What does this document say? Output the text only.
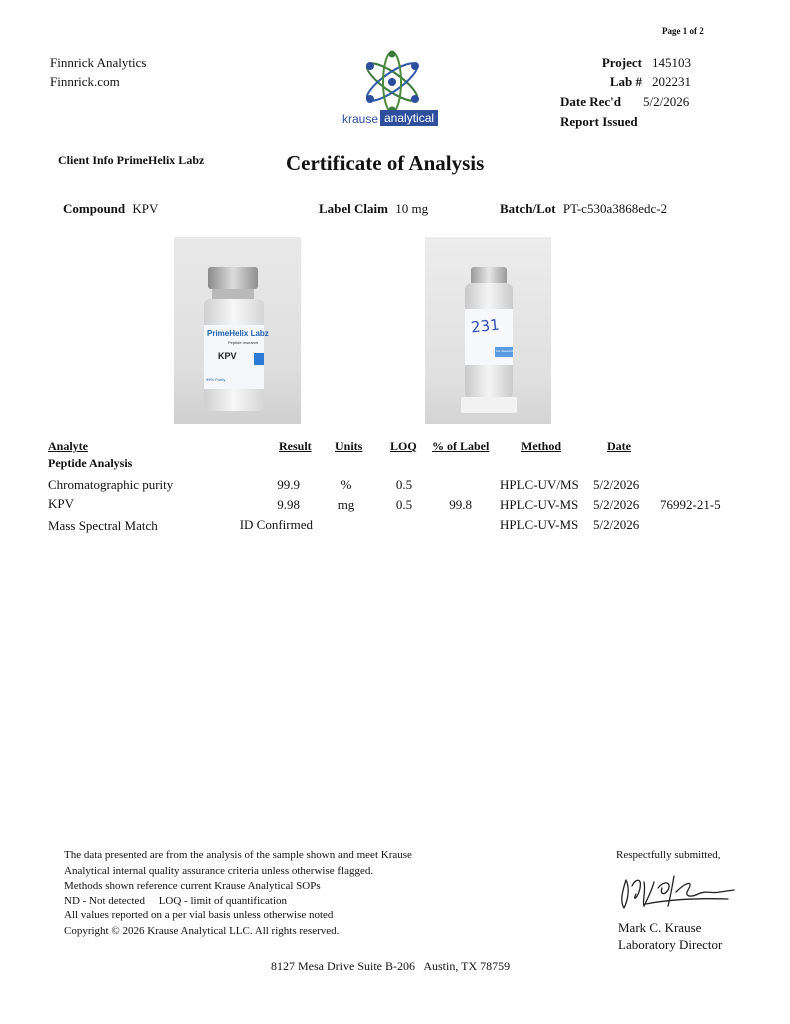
Page 1 of 2
Finnrick Analytics
Finnrick.com
krause analytical
Project 145103
Lab # 202231
Date Rec'd 5/2/2026
Report Issued
Client Info PrimeHelix Labz	Certificate of Analysis
Compound KPV	Label Claim 10 mg	Batch/Lot PT-c530a3868edc-2
PrimeHelix Labz
Peptide research
KPV
99% Purity
231
For Research
Analyte	Result Units LOQ % of Label	Method	Date
Peptide Analysis
Chromatographic purity	99.9	%	0.5	HPLC-UV/MS 5/2/2026
KPV	9.98	mg	0.5	99.8 HPLC-UV-MS 5/2/2026 76992-21-5
Mass Spectral Match	ID Confirmed	HPLC-UV-MS 5/2/2026
The data presented are from the analysis of the sample shown and meet Krause
Analytical internal quality assurance criteria unless otherwise flagged.
Methods shown reference current Krause Analytical SOPs
ND - Not detected     LOQ - limit of quantification
All values reported on a per vial basis unless otherwise noted
Copyright © 2026 Krause Analytical LLC. All rights reserved.
Respectfully submitted,
Mark C. Krause
Laboratory Director
8127 Mesa Drive Suite B-206   Austin, TX 78759
